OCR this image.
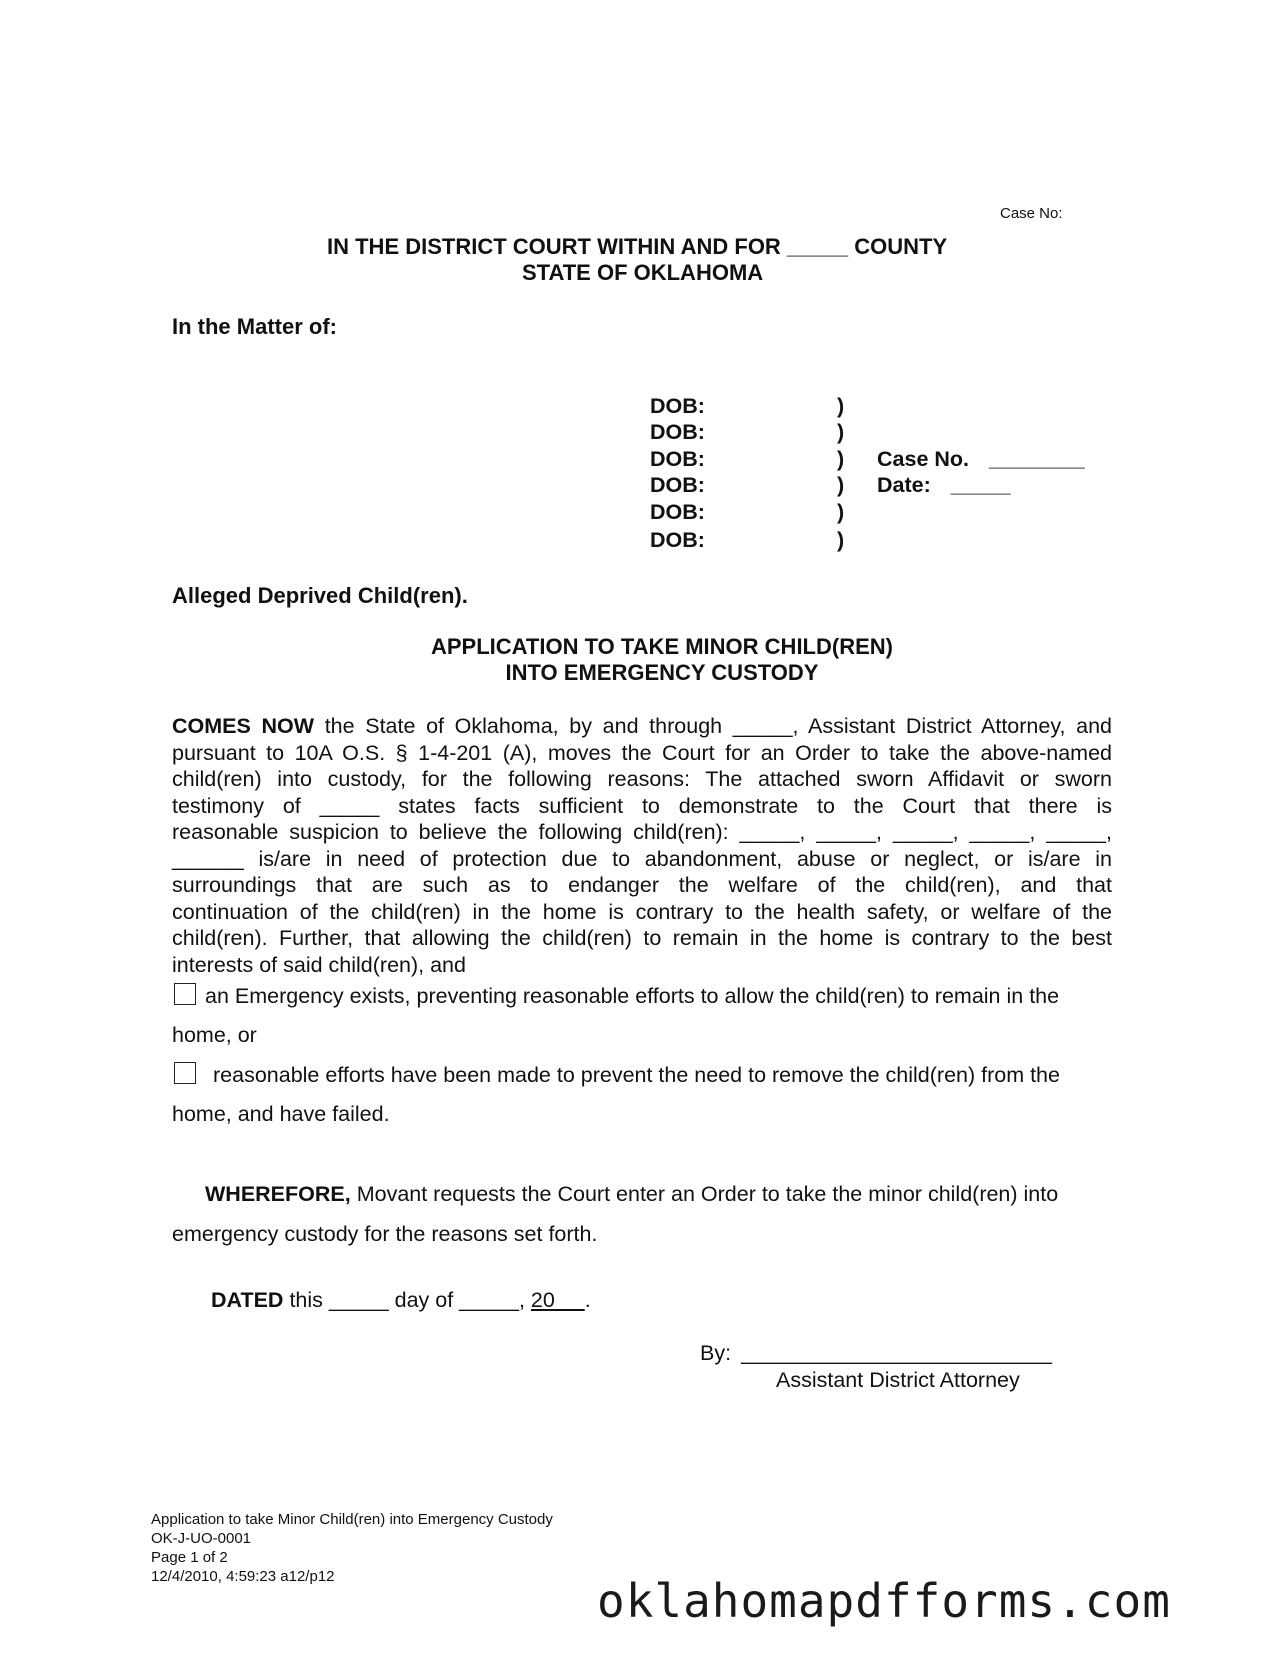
Case No:
IN THE DISTRICT COURT WITHIN AND FOR _____ COUNTY
STATE OF OKLAHOMA
In the Matter of:
DOB:
DOB:
DOB:
DOB:
DOB:
DOB:
)
)
)
)
)
)
Case No. ________
Date: _____
Alleged Deprived Child(ren).
APPLICATION TO TAKE MINOR CHILD(REN)
INTO EMERGENCY CUSTODY
COMES NOW the State of Oklahoma, by and through _____, Assistant District Attorney, and
pursuant to 10A O.S. § 1-4-201 (A), moves the Court for an Order to take the above-named
child(ren) into custody, for the following reasons: The attached sworn Affidavit or sworn
testimony of _____ states facts sufficient to demonstrate to the Court that there is
reasonable suspicion to believe the following child(ren): _____, _____, _____, _____, _____,
______ is/are in need of protection due to abandonment, abuse or neglect, or is/are in
surroundings that are such as to endanger the welfare of the child(ren), and that
continuation of the child(ren) in the home is contrary to the health safety, or welfare of the
child(ren). Further, that allowing the child(ren) to remain in the home is contrary to the best
interests of said child(ren), and
an Emergency exists, preventing reasonable efforts to allow the child(ren) to remain in the
home, or
reasonable efforts have been made to prevent the need to remove the child(ren) from the
home, and have failed.
WHEREFORE, Movant requests the Court enter an Order to take the minor child(ren) into
emergency custody for the reasons set forth.
DATED this _____ day of _____, 20 .
By: __________________________
Assistant District Attorney
Application to take Minor Child(ren) into Emergency Custody
OK-J-UO-0001
Page 1 of 2
12/4/2010, 4:59:23 a12/p12	oklahomapdfforms.com
